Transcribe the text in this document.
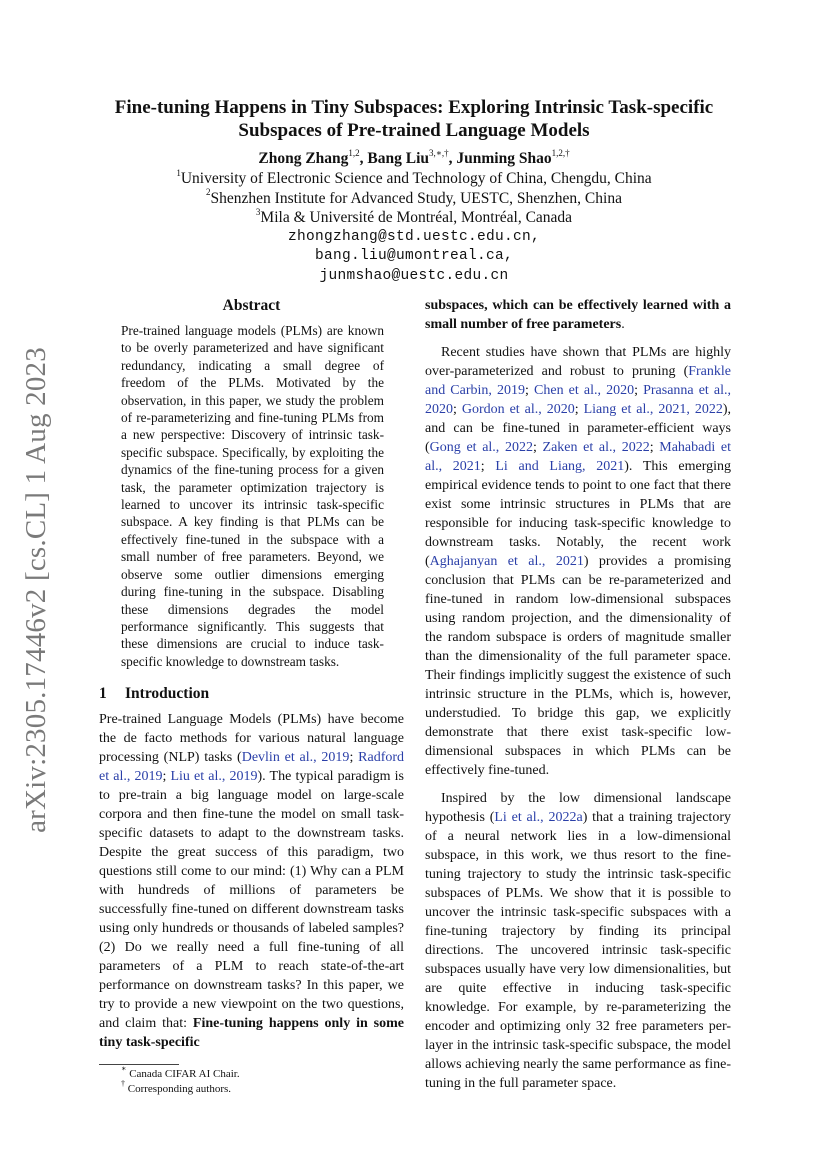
arXiv:2305.17446v2 [cs.CL] 1 Aug 2023
Fine-tuning Happens in Tiny Subspaces: Exploring Intrinsic Task-specific
Subspaces of Pre-trained Language Models
Zhong Zhang$^{1,2}$, Bang Liu$^{3,∗,\dagger}$, Junming Shao$^{1,2,\dagger}$
$^1$University of Electronic Science and Technology of China, Chengdu, China
$^2$Shenzhen Institute for Advanced Study, UESTC, Shenzhen, China
$^3$Mila & Université de Montréal, Montréal, Canada
zhongzhang@std.uestc.edu.cn,
bang.liu@umontreal.ca,
junmshao@uestc.edu.cn
Abstract
Pre-trained language models (PLMs) are known to be overly parameterized and have significant redundancy, indicating a small degree of freedom of the PLMs. Motivated by the observation, in this paper, we study the problem of re-parameterizing and fine-tuning PLMs from a new perspective: Discovery of intrinsic task-specific subspace. Specifically, by exploiting the dynamics of the fine-tuning process for a given task, the parameter optimization trajectory is learned to uncover its intrinsic task-specific subspace. A key finding is that PLMs can be effectively fine-tuned in the subspace with a small number of free parameters. Beyond, we observe some outlier dimensions emerging during fine-tuning in the subspace. Disabling these dimensions degrades the model performance significantly. This suggests that these dimensions are crucial to induce task-specific knowledge to downstream tasks.
1 Introduction

Pre-trained Language Models (PLMs) have become the de facto methods for various natural language processing (NLP) tasks (Devlin et al., 2019; Radford et al., 2019; Liu et al., 2019). The typical paradigm is to pre-train a big language model on large-scale corpora and then fine-tune the model on small task-specific datasets to adapt to the downstream tasks. Despite the great success of this paradigm, two questions still come to our mind: (1) Why can a PLM with hundreds of millions of parameters be successfully fine-tuned on different downstream tasks using only hundreds or thousands of labeled samples? (2) Do we really need a full fine-tuning of all parameters of a PLM to reach state-of-the-art performance on downstream tasks? In this paper, we try to provide a new viewpoint on the two questions, and claim that: Fine-tuning happens only in some tiny task-specific

∗ Canada CIFAR AI Chair.
† Corresponding authors.

subspaces, which can be effectively learned with a small number of free parameters.

Recent studies have shown that PLMs are highly over-parameterized and robust to pruning (Frankle and Carbin, 2019; Chen et al., 2020; Prasanna et al., 2020; Gordon et al., 2020; Liang et al., 2021, 2022), and can be fine-tuned in parameter-efficient ways (Gong et al., 2022; Zaken et al., 2022; Mahabadi et al., 2021; Li and Liang, 2021). This emerging empirical evidence tends to point to one fact that there exist some intrinsic structures in PLMs that are responsible for inducing task-specific knowledge to downstream tasks. Notably, the recent work (Aghajanyan et al., 2021) provides a promising conclusion that PLMs can be re-parameterized and fine-tuned in random low-dimensional subspaces using random projection, and the dimensionality of the random subspace is orders of magnitude smaller than the dimensionality of the full parameter space. Their findings implicitly suggest the existence of such intrinsic structure in the PLMs, which is, however, understudied. To bridge this gap, we explicitly demonstrate that there exist task-specific low-dimensional subspaces in which PLMs can be effectively fine-tuned.

Inspired by the low dimensional landscape hypothesis (Li et al., 2022a) that a training trajectory of a neural network lies in a low-dimensional subspace, in this work, we thus resort to the fine-tuning trajectory to study the intrinsic task-specific subspaces of PLMs. We show that it is possible to uncover the intrinsic task-specific subspaces with a fine-tuning trajectory by finding its principal directions. The uncovered intrinsic task-specific subspaces usually have very low dimensionalities, but are quite effective in inducing task-specific knowledge. For example, by re-parameterizing the encoder and optimizing only 32 free parameters per-layer in the intrinsic task-specific subspace, the model allows achieving nearly the same performance as fine-tuning in the full parameter space.
